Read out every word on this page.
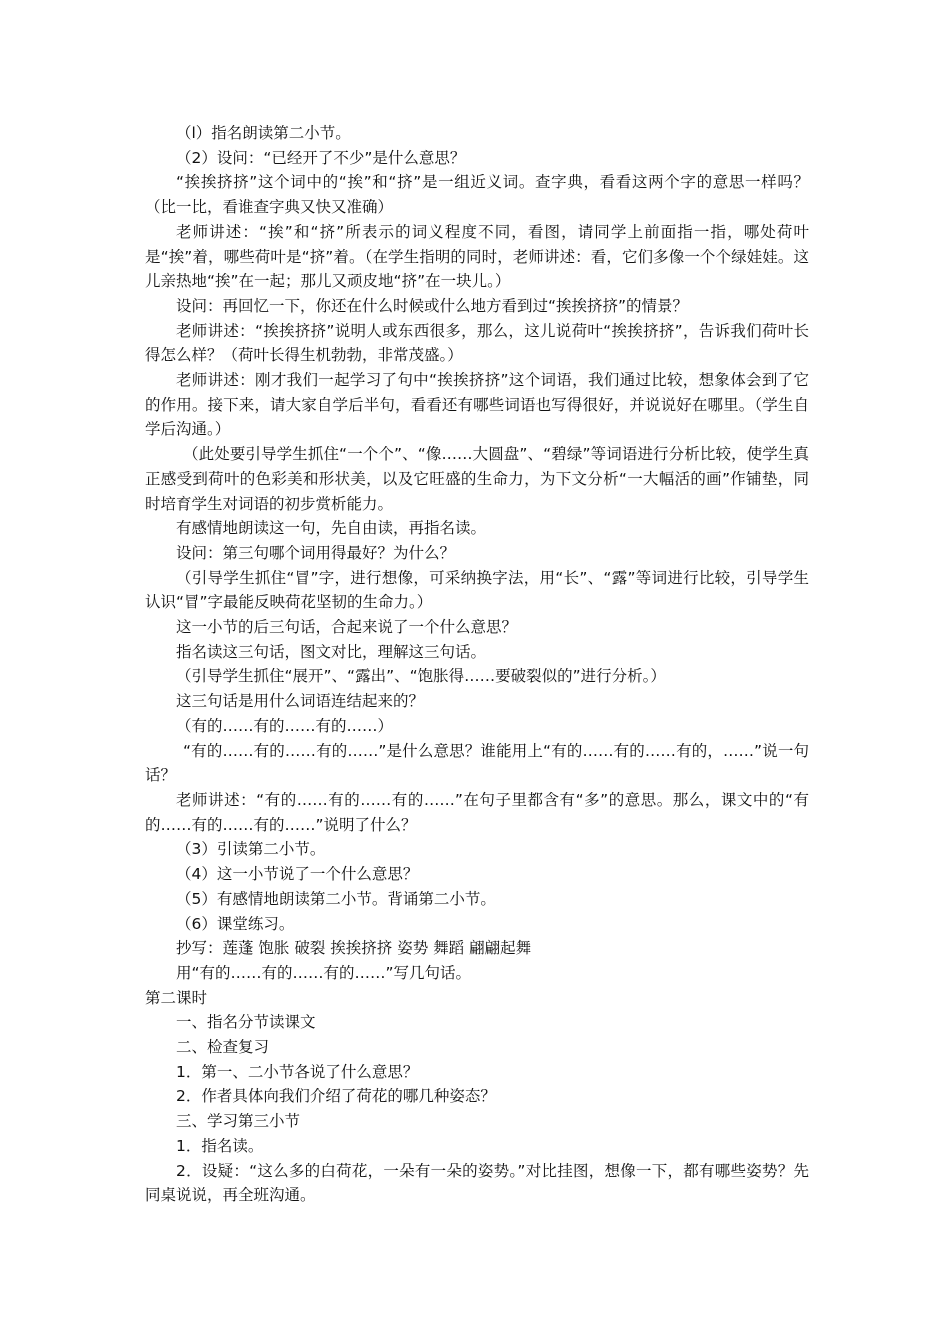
（l）指名朗读第二小节。

（2）设问：“已经开了不少”是什么意思？

“挨挨挤挤”这个词中的“挨”和“挤”是一组近义词。查字典，看看这两个字的意思一样吗？（比一比，看谁查字典又快又准确）

老师讲述：“挨”和“挤”所表示的词义程度不同，看图，请同学上前面指一指，哪处荷叶是“挨”着，哪些荷叶是“挤”着。（在学生指明的同时，老师讲述：看，它们多像一个个绿娃娃。这儿亲热地“挨”在一起；那儿又顽皮地“挤”在一块儿。）

设问：再回忆一下，你还在什么时候或什么地方看到过“挨挨挤挤”的情景？

老师讲述：“挨挨挤挤”说明人或东西很多，那么，这儿说荷叶“挨挨挤挤”，告诉我们荷叶长得怎么样？（荷叶长得生机勃勃，非常茂盛。）

老师讲述：刚才我们一起学习了句中“挨挨挤挤”这个词语，我们通过比较，想象体会到了它的作用。接下来，请大家自学后半句，看看还有哪些词语也写得很好，并说说好在哪里。（学生自学后沟通。）

（此处要引导学生抓住“一个个”、“像……大圆盘”、“碧绿”等词语进行分析比较，使学生真正感受到荷叶的色彩美和形状美，以及它旺盛的生命力，为下文分析“一大幅活的画”作铺垫，同时培育学生对词语的初步赏析能力。

有感情地朗读这一句，先自由读，再指名读。

设问：第三句哪个词用得最好？为什么？

（引导学生抓住“冒”字，进行想像，可采纳换字法，用“长”、“露”等词进行比较，引导学生认识“冒”字最能反映荷花坚韧的生命力。）

这一小节的后三句话，合起来说了一个什么意思？

指名读这三句话，图文对比，理解这三句话。

（引导学生抓住“展开”、“露出”、“饱胀得……要破裂似的”进行分析。）

这三句话是用什么词语连结起来的？

（有的……有的……有的……）

“有的……有的……有的……”是什么意思？谁能用上“有的……有的……有的，……”说一句话？

老师讲述：“有的……有的……有的……”在句子里都含有“多”的意思。那么，课文中的“有的……有的……有的……”说明了什么？

（3）引读第二小节。

（4）这一小节说了一个什么意思？

（5）有感情地朗读第二小节。背诵第二小节。

（6）课堂练习。

抄写：莲蓬 饱胀 破裂 挨挨挤挤 姿势 舞蹈 翩翩起舞

用“有的……有的……有的……”写几句话。

第二课时

一、指名分节读课文

二、检查复习

1．第一、二小节各说了什么意思？

2．作者具体向我们介绍了荷花的哪几种姿态？

三、学习第三小节

1．指名读。

2．设疑：“这么多的白荷花，一朵有一朵的姿势。”对比挂图，想像一下，都有哪些姿势？先同桌说说，再全班沟通。
